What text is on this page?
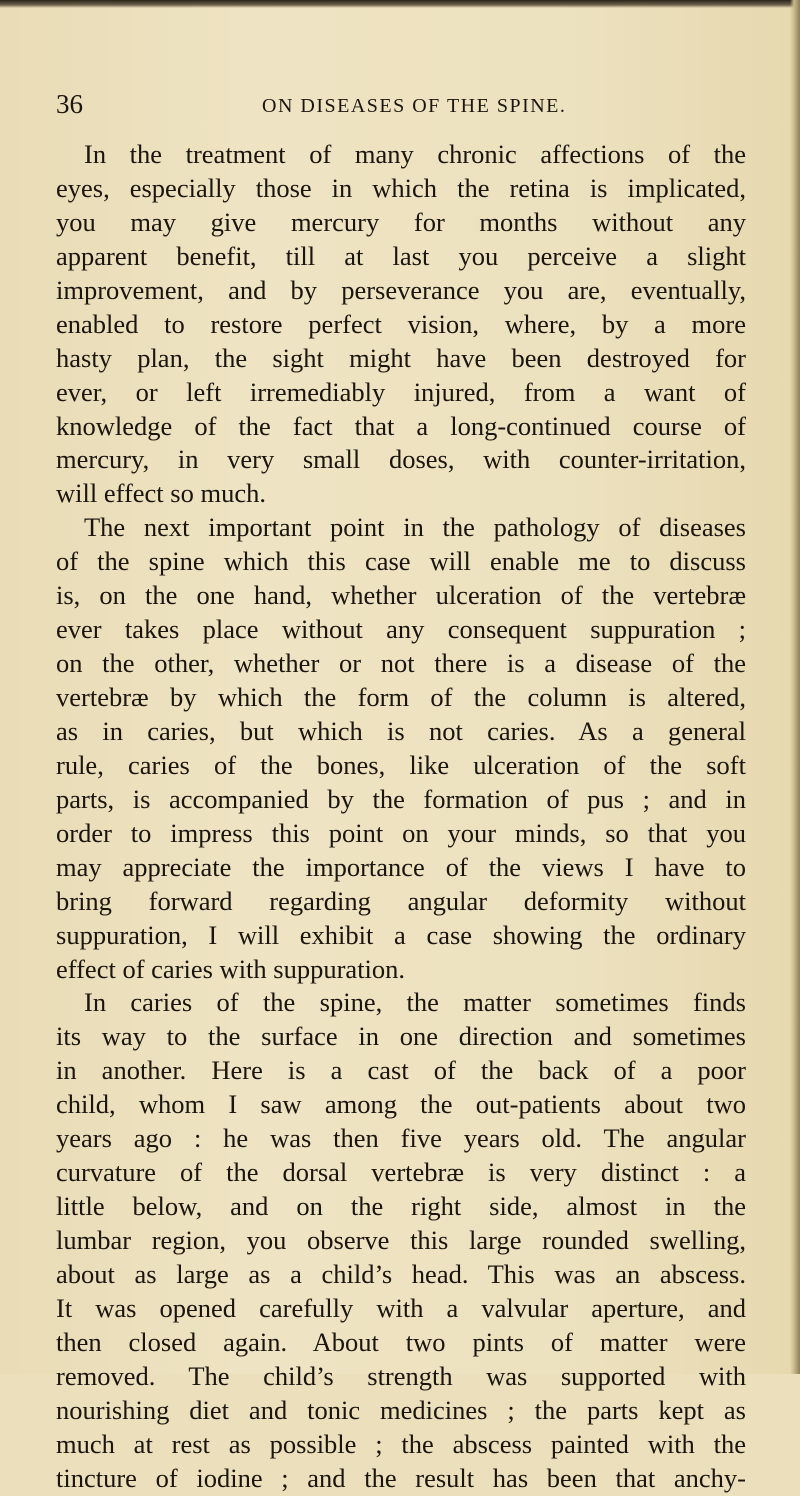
36	ON DISEASES OF THE SPINE.
In the treatment of many chronic affections of the
eyes, especially those in which the retina is implicated,
you may give mercury for months without any
apparent benefit, till at last you perceive a slight
improvement, and by perseverance you are, eventually,
enabled to restore perfect vision, where, by a more
hasty plan, the sight might have been destroyed for
ever, or left irremediably injured, from a want of
knowledge of the fact that a long-continued course of
mercury, in very small doses, with counter-irritation,
will effect so much.
The next important point in the pathology of diseases
of the spine which this case will enable me to discuss
is, on the one hand, whether ulceration of the vertebræ
ever takes place without any consequent suppuration ;
on the other, whether or not there is a disease of the
vertebræ by which the form of the column is altered,
as in caries, but which is not caries. As a general
rule, caries of the bones, like ulceration of the soft
parts, is accompanied by the formation of pus ; and in
order to impress this point on your minds, so that you
may appreciate the importance of the views I have to
bring forward regarding angular deformity without
suppuration, I will exhibit a case showing the ordinary
effect of caries with suppuration.
In caries of the spine, the matter sometimes finds
its way to the surface in one direction and sometimes
in another. Here is a cast of the back of a poor
child, whom I saw among the out-patients about two
years ago : he was then five years old. The angular
curvature of the dorsal vertebræ is very distinct : a
little below, and on the right side, almost in the
lumbar region, you observe this large rounded swelling,
about as large as a child’s head. This was an abscess.
It was opened carefully with a valvular aperture, and
then closed again. About two pints of matter were
removed. The child’s strength was supported with
nourishing diet and tonic medicines ; the parts kept as
much at rest as possible ; the abscess painted with the
tincture of iodine ; and the result has been that anchy-
